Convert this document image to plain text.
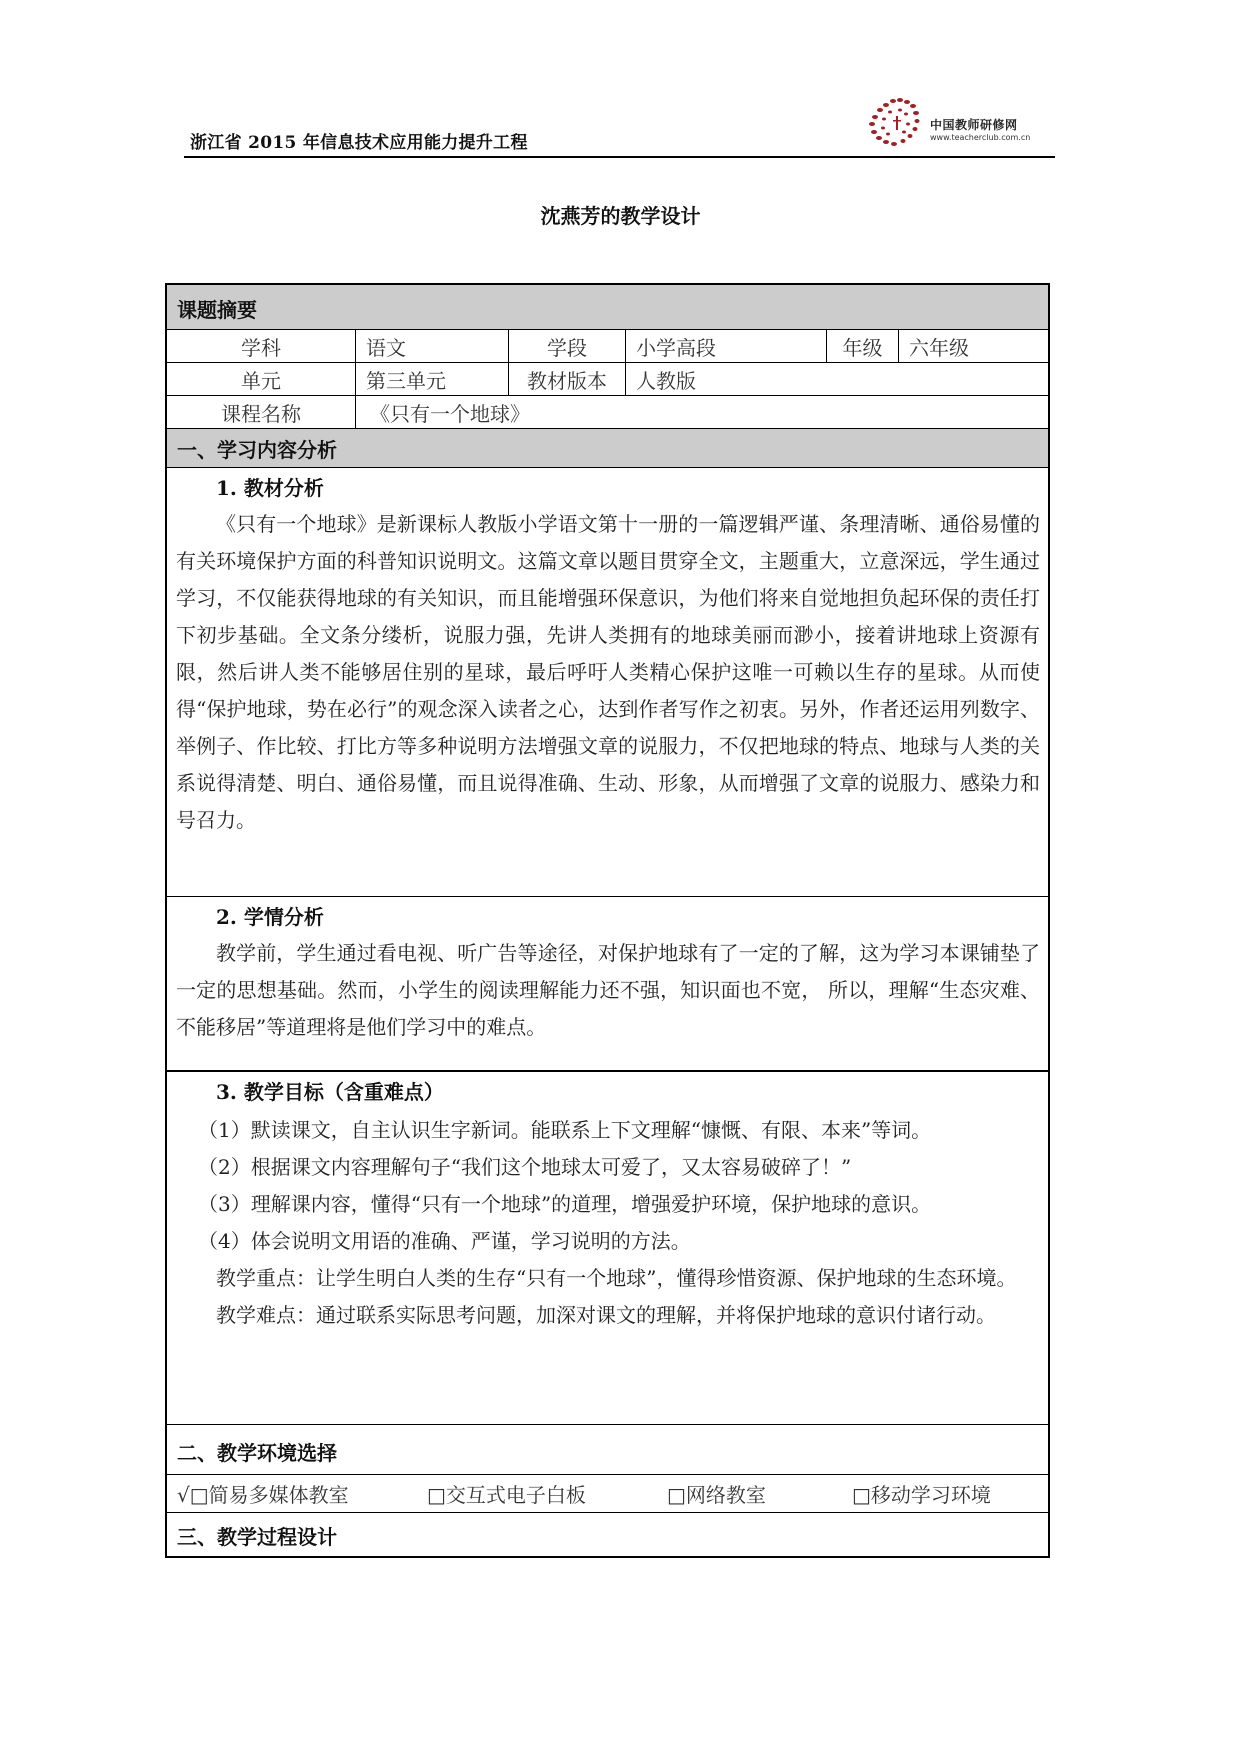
浙江省 2015 年信息技术应用能力提升工程
中国教师研修网
www.teacherclub.com.cn
沈燕芳的教学设计
课题摘要
学科	语文	学段	小学高段	年级	六年级
单元	第三单元	教材版本	人教版
课程名称	《只有一个地球》
一、学习内容分析
1. 教材分析

《只有一个地球》是新课标人教版小学语文第十一册的一篇逻辑严谨、条理清晰、通俗易懂的有关环境保护方面的科普知识说明文。这篇文章以题目贯穿全文，主题重大，立意深远，学生通过学习，不仅能获得地球的有关知识，而且能增强环保意识，为他们将来自觉地担负起环保的责任打下初步基础。全文条分缕析，说服力强，先讲人类拥有的地球美丽而渺小，接着讲地球上资源有限，然后讲人类不能够居住别的星球，最后呼吁人类精心保护这唯一可赖以生存的星球。从而使得“保护地球，势在必行”的观念深入读者之心，达到作者写作之初衷。另外，作者还运用列数字、举例子、作比较、打比方等多种说明方法增强文章的说服力，不仅把地球的特点、地球与人类的关系说得清楚、明白、通俗易懂，而且说得准确、生动、形象，从而增强了文章的说服力、感染力和号召力。

2. 学情分析

教学前，学生通过看电视、听广告等途径，对保护地球有了一定的了解，这为学习本课铺垫了一定的思想基础。然而，小学生的阅读理解能力还不强，知识面也不宽， 所以，理解“生态灾难、不能移居”等道理将是他们学习中的难点。

3. 教学目标（含重难点）

（1）默读课文，自主认识生字新词。能联系上下文理解“慷慨、有限、本来”等词。

（2）根据课文内容理解句子“我们这个地球太可爱了，又太容易破碎了！”

（3）理解课内容，懂得“只有一个地球”的道理，增强爱护环境，保护地球的意识。

（4）体会说明文用语的准确、严谨，学习说明的方法。

教学重点：让学生明白人类的生存“只有一个地球”，懂得珍惜资源、保护地球的生态环境。

教学难点：通过联系实际思考问题，加深对课文的理解，并将保护地球的意识付诸行动。

二、教学环境选择
√□简易多媒体教室	□交互式电子白板	□网络教室	□移动学习环境
三、教学过程设计
